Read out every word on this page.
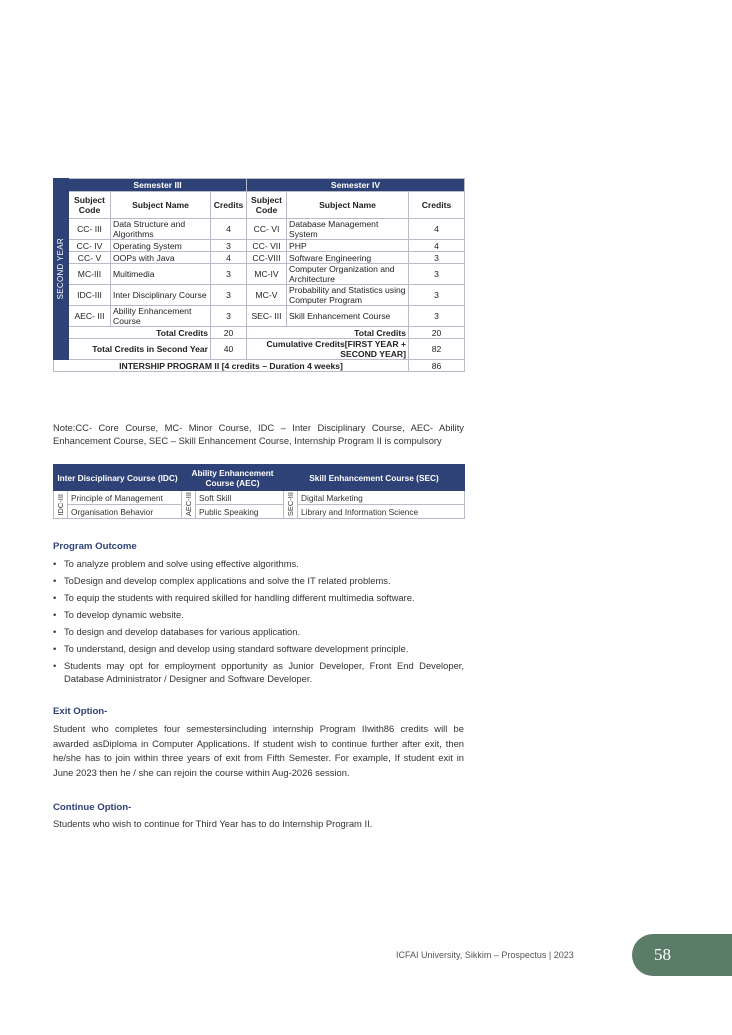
SECOND YEAR	Semester III			Semester IV		
	Subject Code	Subject Name	Credits	Subject Code	Subject Name	Credits
	CC- III	Data Structure and Algorithms	4	CC- VI	Database Management System	4
	CC- IV	Operating System	3	CC- VII	PHP	4
	CC- V	OOPs with Java	4	CC-VIII	Software Engineering	3
	MC-III	Multimedia	3	MC-IV	Computer Organization and Architecture	3
	IDC-III	Inter Disciplinary Course	3	MC-V	Probability and Statistics using Computer Program	3
	AEC- III	Ability Enhancement Course	3	SEC- III	Skill Enhancement Course	3
	Total Credits		20	Total Credits		20
	Total Credits in Second Year		40	Cumulative Credits[FIRST YEAR + SECOND YEAR]		82
INTERSHIP PROGRAM II [4 credits – Duration 4 weeks]						86
Note:CC- Core Course, MC- Minor Course, IDC – Inter Disciplinary Course, AEC- Ability Enhancement Course, SEC – Skill Enhancement Course, Internship Program II is compulsory
Inter Disciplinary Course (IDC)		Ability Enhancement Course (AEC)		Skill Enhancement Course (SEC)	

IDC-III	Principle of Management	AEC-III	Soft Skill	SEC-III	Digital Marketing
	Organisation Behavior		Public Speaking		Library and Information Science
Program Outcome
• To analyze problem and solve using effective algorithms.
• ToDesign and develop complex applications and solve the IT related problems.
• To equip the students with required skilled for handling different multimedia software.
• To develop dynamic website.
• To design and develop databases for various application.
• To understand, design and develop using standard software development principle.
• Students may opt for employment opportunity as Junior Developer, Front End Developer, Database Administrator / Designer and Software Developer.
Exit Option-
Student who completes four semestersincluding internship Program IIwith86 credits will be awarded asDiploma in Computer Applications. If student wish to continue further after exit, then he/she has to join within three years of exit from Fifth Semester. For example, If student exit in June 2023 then he / she can rejoin the course within Aug-2026 session.
Continue Option-
Students who wish to continue for Third Year has to do Internship Program II.
ICFAI University, Sikkim – Prospectus | 2023	58
